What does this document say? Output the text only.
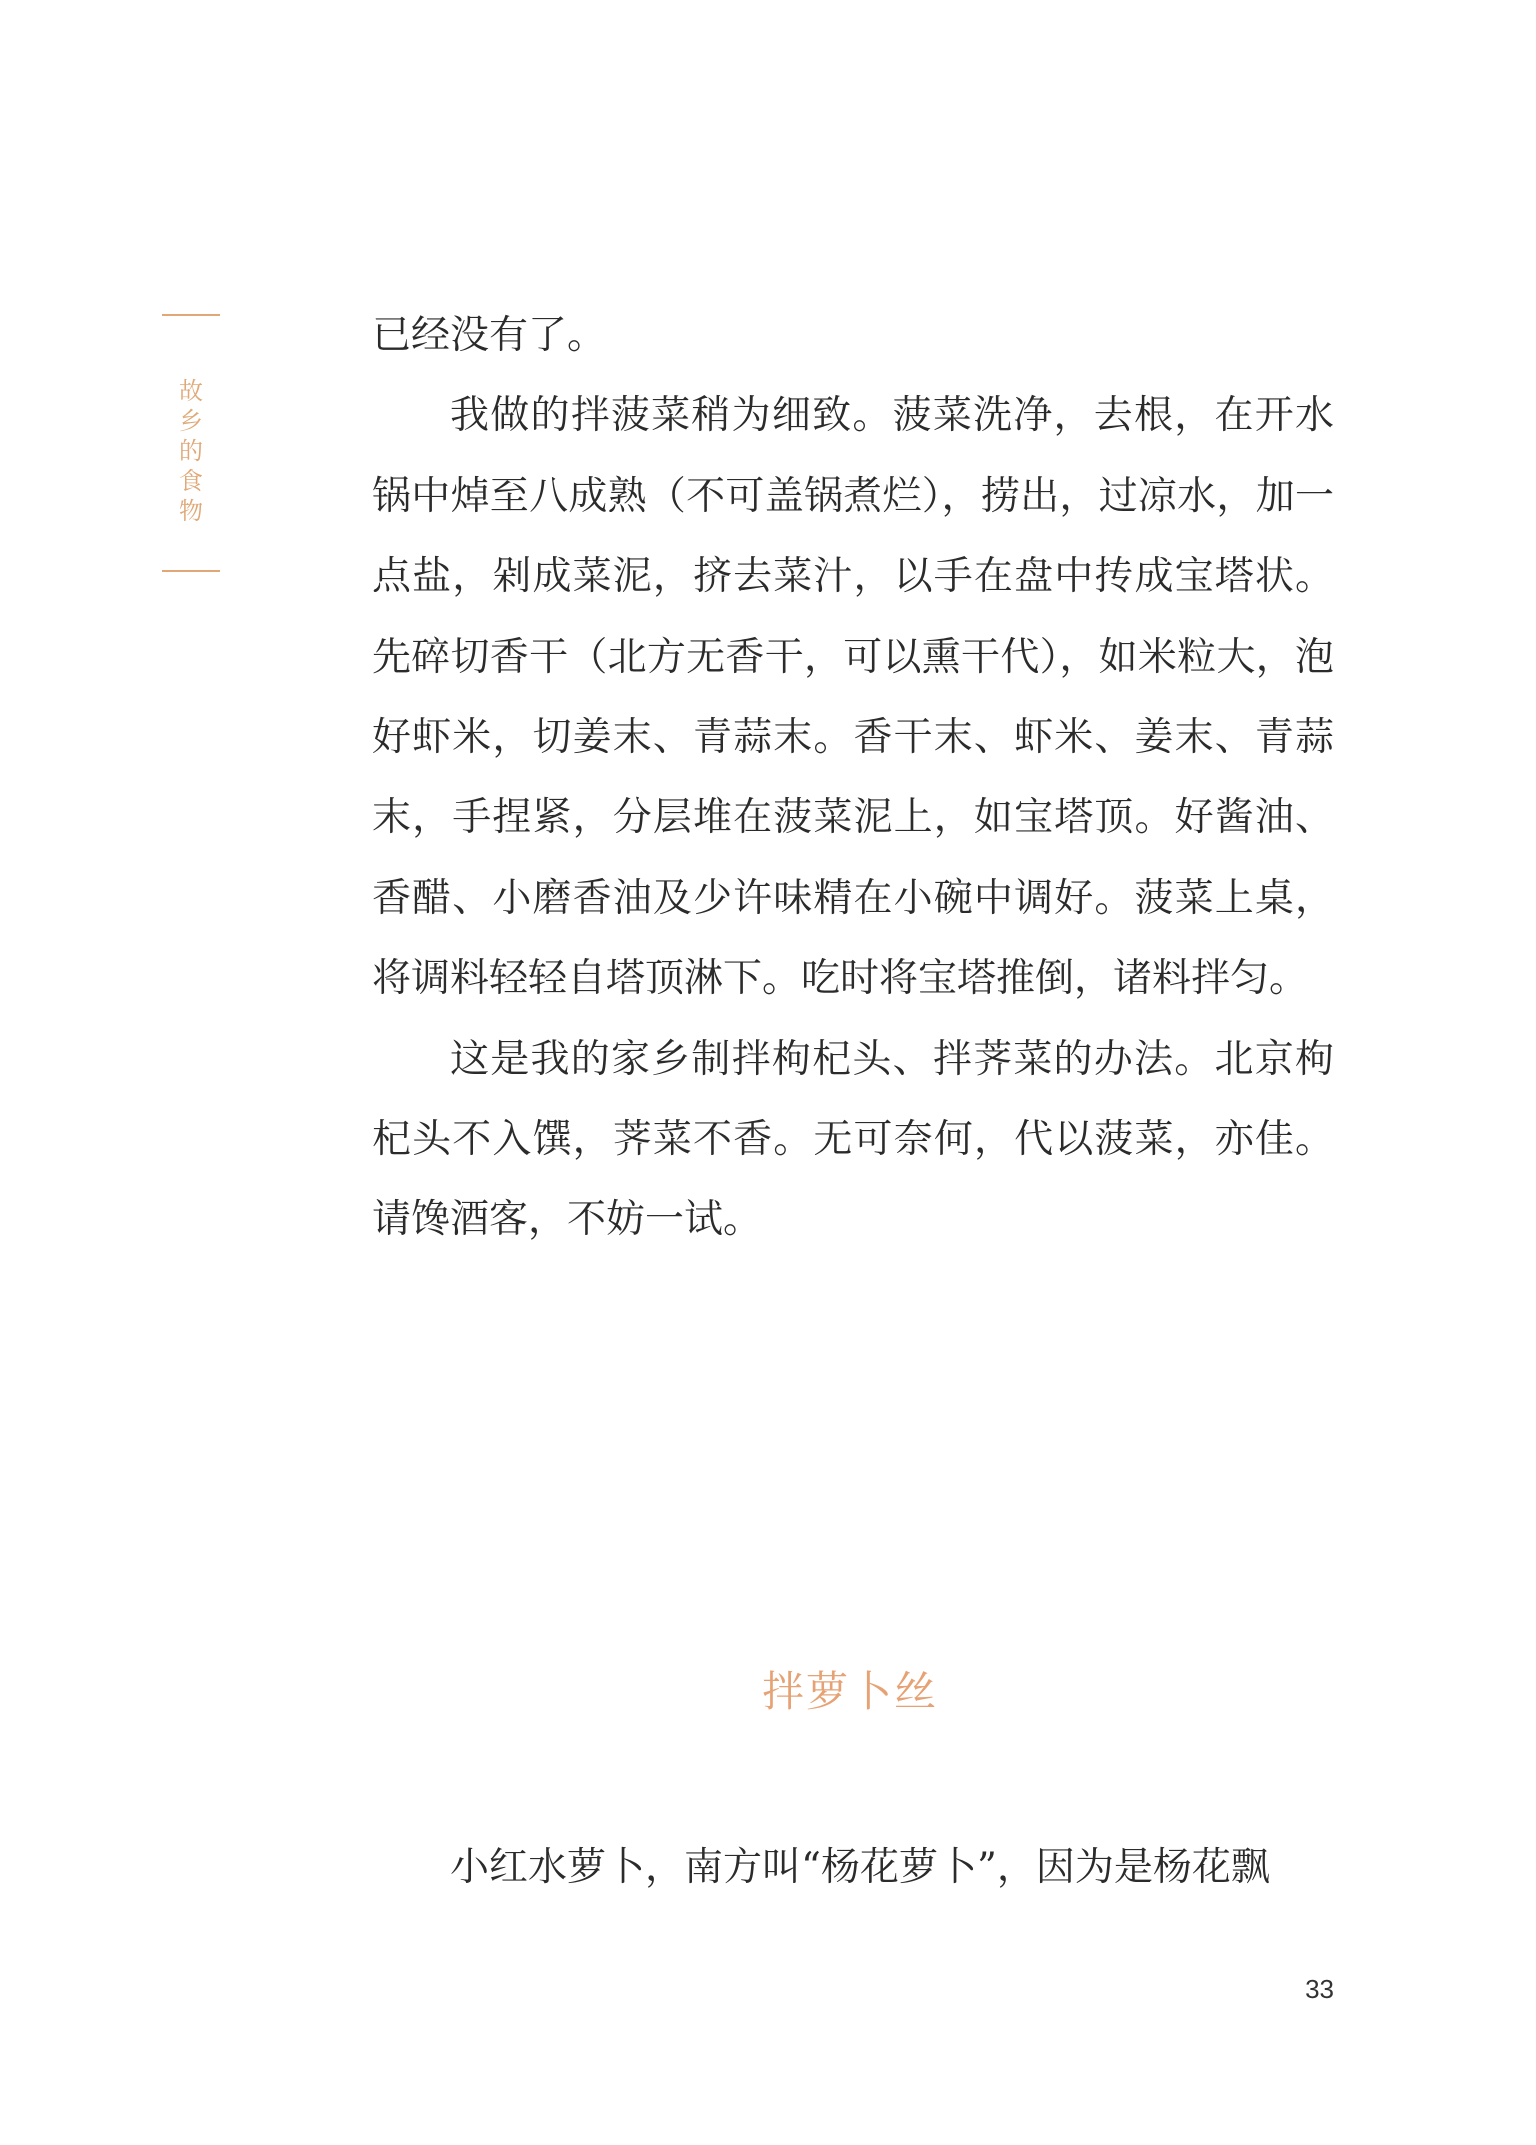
故
乡
的
食
物

已经没有了。

我做的拌菠菜稍为细致。菠菜洗净，去根，在开水锅中焯至八成熟（不可盖锅煮烂），捞出，过凉水，加一点盐，剁成菜泥，挤去菜汁，以手在盘中抟成宝塔状。先碎切香干（北方无香干，可以熏干代），如米粒大，泡好虾米，切姜末、青蒜末。香干末、虾米、姜末、青蒜末，手捏紧，分层堆在菠菜泥上，如宝塔顶。好酱油、香醋、小磨香油及少许味精在小碗中调好。菠菜上桌，将调料轻轻自塔顶淋下。吃时将宝塔推倒，诸料拌匀。

这是我的家乡制拌枸杞头、拌荠菜的办法。北京枸杞头不入馔，荠菜不香。无可奈何，代以菠菜，亦佳。请馋酒客，不妨一试。

拌萝卜丝

小红水萝卜，南方叫“杨花萝卜”，因为是杨花飘

33
